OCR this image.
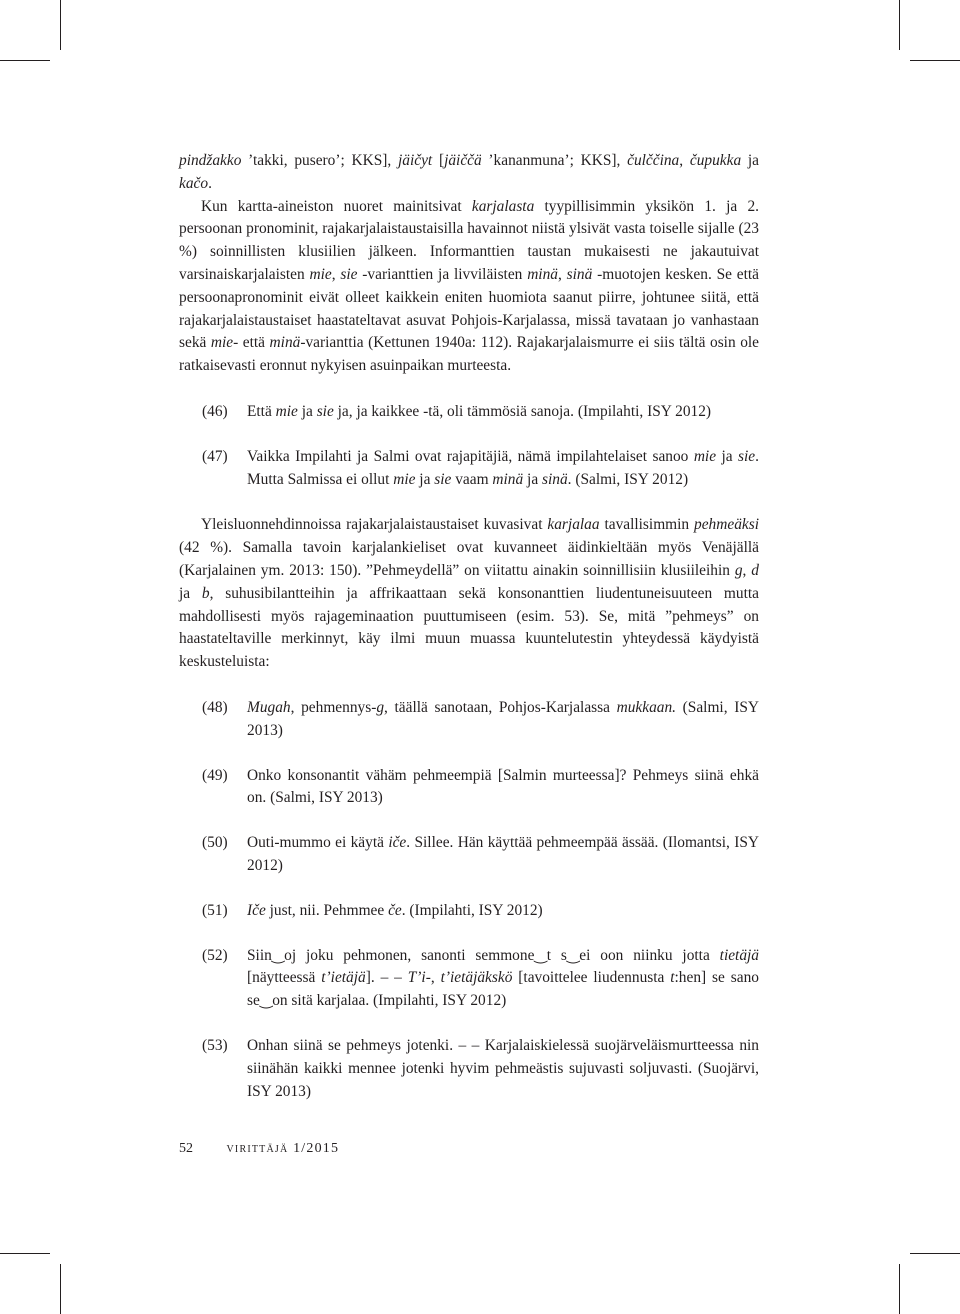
pindžakko ’takki, pusero’; KKS], jäičyt [jäiččä ’kananmuna’; KKS], čulččina, čupukka ja kačo.

Kun kartta-aineiston nuoret mainitsivat karjalasta tyypillisimmin yksikön 1. ja 2. persoonan pronominit, rajakarjalaistaustaisilla havainnot niistä ylsivät vasta toiselle sijalle (23 %) soinnillisten klusiilien jälkeen. Informanttien taustan mukaisesti ne jakautuivat varsinaiskarjalaisten mie, sie -varianttien ja livviläisten minä, sinä -muotojen kesken. Se että persoonapronominit eivät olleet kaikkein eniten huomiota saanut piirre, johtunee siitä, että rajakarjalaistaustaiset haastateltavat asuvat Pohjois-Karjalassa, missä tavataan jo vanhastaan sekä mie- että minä-varianttia (Kettunen 1940a: 112). Rajakarjalaismurre ei siis tältä osin ole ratkaisevasti eronnut nykyisen asuinpaikan murteesta.

(46)	Että mie ja sie ja, ja kaikkee -tä, oli tämmösiä sanoja. (Impilahti, ISY 2012)
(47)	Vaikka Impilahti ja Salmi ovat rajapitäjiä, nämä impilahtelaiset sanoo mie ja sie. Mutta Salmissa ei ollut mie ja sie vaam minä ja sinä. (Salmi, ISY 2012)

Yleisluonnehdinnoissa rajakarjalaistaustaiset kuvasivat karjalaa tavallisimmin pehmeäksi (42 %). Samalla tavoin karjalankieliset ovat kuvanneet äidinkieltään myös Venäjällä (Karjalainen ym. 2013: 150). ”Pehmeydellä” on viitattu ainakin soinnillisiin klusiileihin g, d ja b, suhusibilantteihin ja affrikaattaan sekä konsonanttien liudentuneisuuteen mutta mahdollisesti myös rajageminaation puuttumiseen (esim. 53). Se, mitä ”pehmeys” on haastateltaville merkinnyt, käy ilmi muun muassa kuuntelutestin yhteydessä käydyistä keskusteluista:

(48)	Mugah, pehmennys-g, täällä sanotaan, Pohjos-Karjalassa mukkaan. (Salmi, ISY 2013)
(49)	Onko konsonantit vähäm pehmeempiä [Salmin murteessa]? Pehmeys siinä ehkä on. (Salmi, ISY 2013)
(50)	Outi-mummo ei käytä iče. Sillee. Hän käyttää pehmeempää ässää. (Ilomantsi, ISY 2012)
(51)	Iče just, nii. Pehmmee če. (Impilahti, ISY 2012)
(52)	Siin‿oj joku pehmonen, sanonti semmone‿t s‿ei oon niinku jotta tietäjä [näytteessä t’ietäjä]. – – Tʼi-, t’ietäjäkskö [tavoittelee liudennusta t:hen] se sano se‿on sitä karjalaa. (Impilahti, ISY 2012)
(53)	Onhan siinä se pehmeys jotenki. – – Karjalaiskielessä suojärveläismurtteessa nin siinähän kaikki mennee jotenki hyvim pehmeästis sujuvasti soljuvasti. (Suojärvi, ISY 2013)
52 virittäjä 1/2015
